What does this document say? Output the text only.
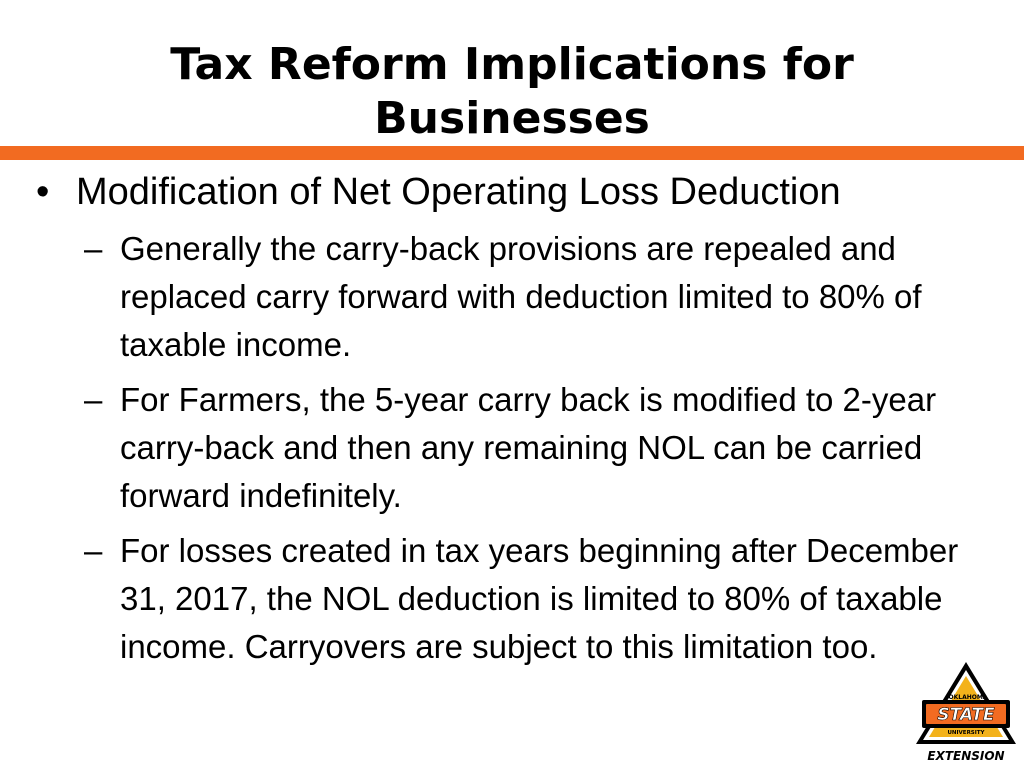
Tax Reform Implications for Businesses
• Modification of Net Operating Loss Deduction
– Generally the carry-back provisions are repealed and replaced carry forward with deduction limited to 80% of taxable income.
– For Farmers, the 5-year carry back is modified to 2-year carry-back and then any remaining NOL can be carried forward indefinitely.
– For losses created in tax years beginning after December 31, 2017, the NOL deduction is limited to 80% of taxable income. Carryovers are subject to this limitation too.
OKLAHOMA
STATE
UNIVERSITY
EXTENSION
